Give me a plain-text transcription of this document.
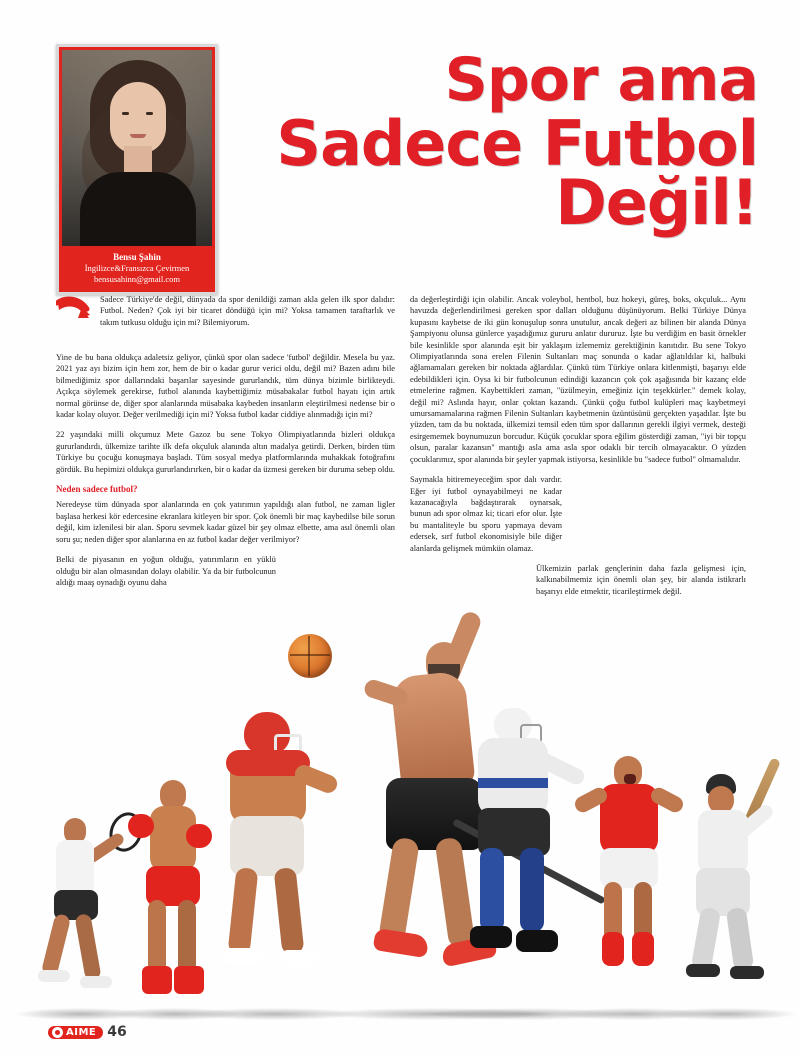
Bensu Şahin
İngilizce&Fransızca Çevirmen
bensusahinn@gmail.com
Spor ama
Sadece Futbol Değil!

Sadece Türkiye'de değil, dünyada da spor denildiği zaman akla gelen ilk spor dalıdır: Futbol. Neden? Çok iyi bir ticaret döndüğü için mi? Yoksa tamamen taraftarlık ve takım tutkusu olduğu için mi? Bilemiyorum.

Yine de bu bana oldukça adaletsiz geliyor, çünkü spor olan sadece 'futbol' değildir. Mesela bu yaz. 2021 yaz ayı bizim için hem zor, hem de bir o kadar gurur verici oldu, değil mi? Bazen adını bile bilmediğimiz spor dallarındaki başarılar sayesinde gururlandık, tüm dünya bizimle birlikteydi. Açıkça söylemek gerekirse, futbol alanında kaybettiğimiz müsabakalar futbol hayatı için artık normal görünse de, diğer spor alanlarında müsabaka kaybeden insanların eleştirilmesi nedense bir o kadar kolay oluyor. Değer verilmediği için mi? Yoksa futbol kadar ciddiye alınmadığı için mi?

22 yaşındaki milli okçumuz Mete Gazoz bu sene Tokyo Olimpiyatlarında bizleri oldukça gururlandırdı, ülkemize tarihte ilk defa okçuluk alanında altın madalya getirdi. Derken, birden tüm Türkiye bu çocuğu konuşmaya başladı. Tüm sosyal medya platformlarında muhakkak fotoğrafını gördük. Bu hepimizi oldukça gururlandırırken, bir o kadar da üzmesi gereken bir duruma sebep oldu.

Neden sadece futbol?

Neredeyse tüm dünyada spor alanlarında en çok yatırımın yapıldığı alan futbol, ne zaman ligler başlasa herkesi kör edercesine ekranlara kitleyen bir spor. Çok önemli bir maç kaybedilse bile sorun değil, kim izlenilesi bir alan. Sporu sevmek kadar güzel bir şey olmaz elbette, ama asıl önemli olan soru şu; neden diğer spor alanlarına en az futbol kadar değer verilmiyor?

Belki de piyasanın en yoğun olduğu, yatırımların en yüklü olduğu bir alan olmasından dolayı olabilir. Ya da bir futbolcunun aldığı maaş oynadığı oyunu daha

da değerleştirdiği için olabilir. Ancak voleybol, hentbol, buz hokeyi, güreş, boks, okçuluk... Aynı havuzda değerlendirilmesi gereken spor dalları olduğunu düşünüyorum. Belki Türkiye Dünya kupasını kaybetse de iki gün konuşulup sonra unutulur, ancak değeri az bilinen bir alanda Dünya Şampiyonu olunsa günlerce yaşadığımız gururu anlatır dururuz. İşte bu verdiğim en basit örnekler bile kesinlikle spor alanında eşit bir yaklaşım izlememiz gerektiğinin kanıtıdır. Bu sene Tokyo Olimpiyatlarında sona erelen Filenin Sultanları maç sonunda o kadar ağlatıldılar ki, halbuki ağlamamaları gereken bir noktada ağlardılar. Çünkü tüm Türkiye onlara kitlenmişti, başarıyı elde edebildikleri için. Oysa ki bir futbolcunun edindiği kazancın çok çok aşağısında bir kazanç elde etmelerine rağmen. Kaybettikleri zaman, "üzülmeyin, emeğiniz için teşekkürler." demek kolay, değil mi? Aslında hayır, onlar çoktan kazandı. Çünkü çoğu futbol kulüpleri maç kaybetmeyi umursamamalarına rağmen Filenin Sultanları kaybetmenin üzüntüsünü gerçekten yaşadılar. İşte bu yüzden, tam da bu noktada, ülkemizi temsil eden tüm spor dallarının gerekli ilgiyi vermek, desteği esirgememek boynumuzun borcudur. Küçük çocuklar spora eğilim gösterdiği zaman, "iyi bir topçu olsun, paralar kazansın" mantığı asla ama asla spor odaklı bir tercih olmayacaktır. O yüzden çocuklarımız, spor alanında bir şeyler yapmak istiyorsa, kesinlikle bu "sadece futbol" olmamalıdır.

Saymakla bitiremeyeceğim spor dalı vardır. Eğer iyi futbol oynayabilmeyi ne kadar kazanacağıyla bağdaştırarak oynarsak, bunun adı spor olmaz ki; ticari efor olur. İşte bu mantaliteyle bu sporu yapmaya devam edersek, sırf futbol ekonomisiyle bile diğer alanlarda gelişmek mümkün olamaz.

Ülkemizin parlak gençlerinin daha fazla gelişmesi için, kalkınabilmemiz için önemli olan şey, bir alanda istikrarlı başarıyı elde etmektir, ticarileştirmek değil.

AIME 46
